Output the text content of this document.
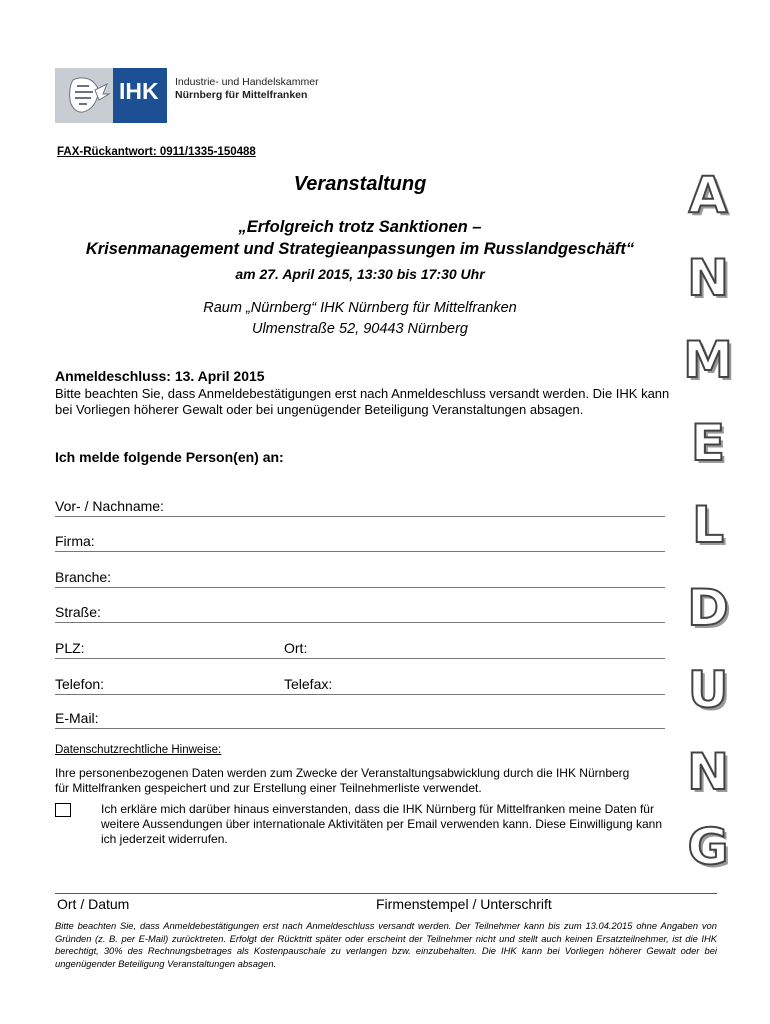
IHK Industrie- und Handelskammer
Nürnberg für Mittelfranken
FAX-Rückantwort: 0911/1335-150488
Veranstaltung
„Erfolgreich trotz Sanktionen –
Krisenmanagement und Strategieanpassungen im Russlandgeschäft“
am 27. April 2015, 13:30 bis 17:30 Uhr
Raum „Nürnberg“ IHK Nürnberg für Mittelfranken
Ulmenstraße 52, 90443 Nürnberg
Anmeldeschluss: 13. April 2015
Bitte beachten Sie, dass Anmeldebestätigungen erst nach Anmeldeschluss versandt werden. Die IHK kann bei Vorliegen höherer Gewalt oder bei ungenügender Beteiligung Veranstaltungen absagen.
Ich melde folgende Person(en) an:
Vor- / Nachname:
Firma:
Branche:
Straße:
PLZ:	Ort:
Telefon:	Telefax:
E-Mail:
Datenschutzrechtliche Hinweise:
Ihre personenbezogenen Daten werden zum Zwecke der Veranstaltungsabwicklung durch die IHK Nürnberg für Mittelfranken gespeichert und zur Erstellung einer Teilnehmerliste verwendet.
Ich erkläre mich darüber hinaus einverstanden, dass die IHK Nürnberg für Mittelfranken meine Daten für weitere Aussendungen über internationale Aktivitäten per Email verwenden kann. Diese Einwilligung kann ich jederzeit widerrufen.
Ort / Datum	Firmenstempel / Unterschrift
Bitte beachten Sie, dass Anmeldebestätigungen erst nach Anmeldeschluss versandt werden. Der Teilnehmer kann bis zum 13.04.2015 ohne Angaben von Gründen (z. B. per E-Mail) zurücktreten. Erfolgt der Rücktritt später oder erscheint der Teilnehmer nicht und stellt auch keinen Ersatzteilnehmer, ist die IHK berechtigt, 30% des Rechnungsbetrages als Kostenpauschale zu verlangen bzw. einzubehalten. Die IHK kann bei Vorliegen höherer Gewalt oder bei ungenügender Beteiligung Veranstaltungen absagen.
A
N
M
E
L
D
U
N
G
